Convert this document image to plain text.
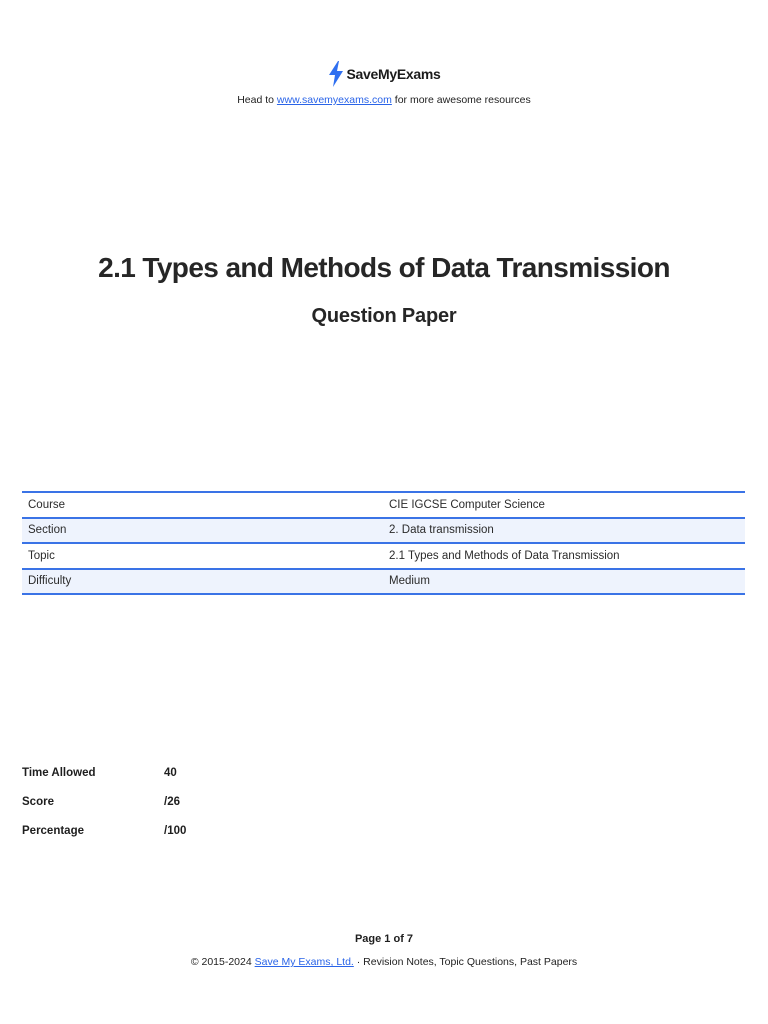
SaveMyExams
Head to www.savemyexams.com for more awesome resources
2.1 Types and Methods of Data Transmission
Question Paper
Course	CIE IGCSE Computer Science
Section	2. Data transmission
Topic	2.1 Types and Methods of Data Transmission
Difficulty	Medium
Time Allowed	40
Score	/26
Percentage	/100
Page 1 of 7
© 2015-2024 Save My Exams, Ltd. · Revision Notes, Topic Questions, Past Papers
